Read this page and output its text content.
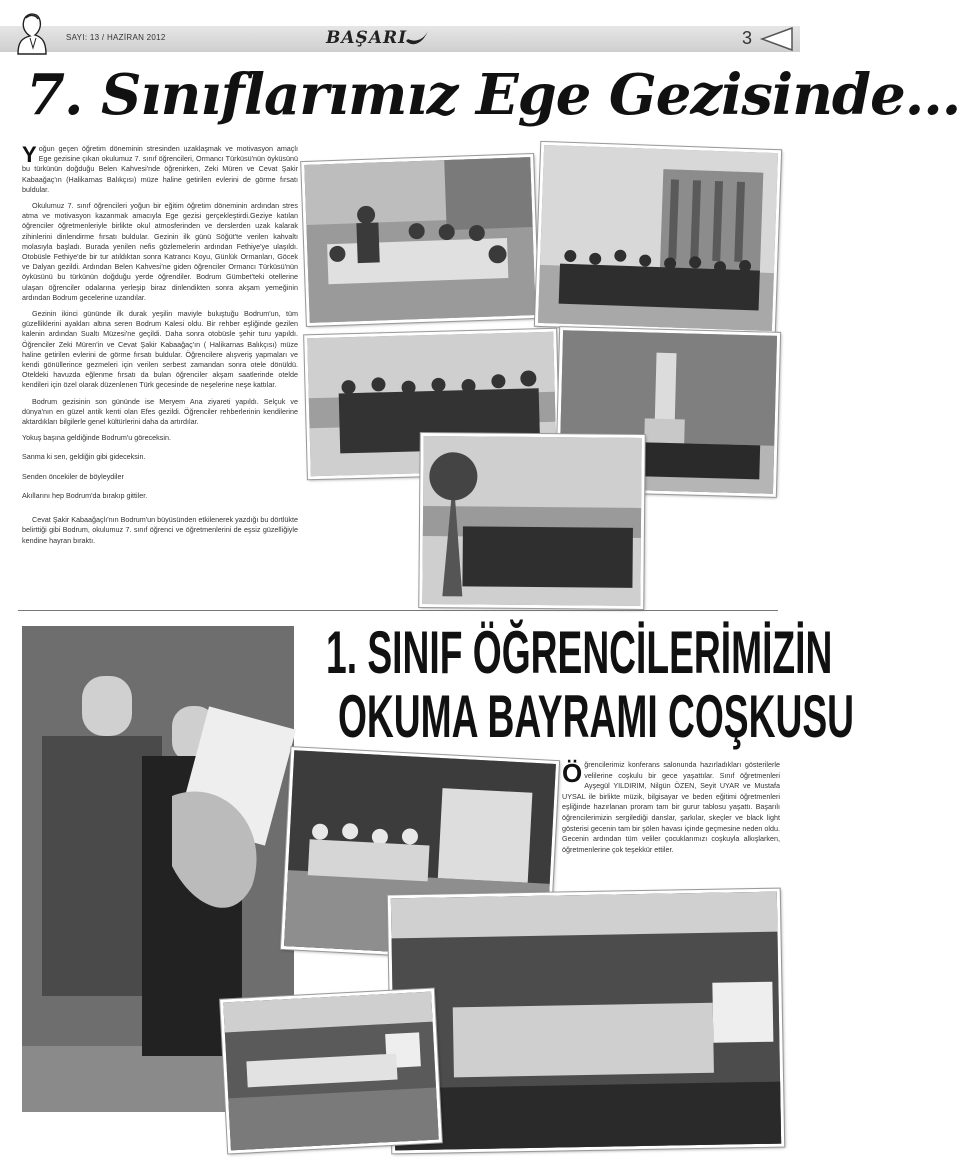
SAYI: 13 / HAZİRAN 2012	BAŞARI	3
7. Sınıflarımız Ege Gezisinde...

Yoğun geçen öğretim döneminin stresinden uzaklaşmak ve motivasyon amaçlı Ege gezisine çıkan okulumuz 7. sınıf öğrencileri, Ormancı Türküsü'nün öyküsünü bu türkünün doğduğu Belen Kahvesi'nde öğrenirken, Zeki Müren ve Cevat Şakir Kabaağaç'ın (Halikarnas Balıkçısı) müze haline getirilen evlerini de görme fırsatı buldular.

Okulumuz 7. sınıf öğrencileri yoğun bir eğitim öğretim döneminin ardından stres atma ve motivasyon kazanmak amacıyla Ege gezisi gerçekleştirdi.Geziye katılan öğrenciler öğretmenleriyle birlikte okul atmosferinden ve derslerden uzak kalarak zihinlerini dinlendirme fırsatı buldular. Gezinin ilk günü Söğüt'te verilen kahvaltı molasıyla başladı. Burada yenilen nefis gözlemelerin ardından Fethiye'ye ulaşıldı. Otobüsle Fethiye'de bir tur atıldıktan sonra Katrancı Koyu, Günlük Ormanları, Göcek ve Dalyan gezildi. Ardından Belen Kahvesi'ne giden öğrenciler Ormancı Türküsü'nün öyküsünü bu türkünün doğduğu yerde öğrendiler. Bodrum Gümbet'teki otellerine ulaşan öğrenciler odalarına yerleşip biraz dinlendikten sonra akşam yemeğinin ardından Bodrum gecelerine uzandılar.

Gezinin ikinci gününde ilk durak yeşilin maviyle buluştuğu Bodrum'un, tüm güzelliklerini ayakları altına seren Bodrum Kalesi oldu. Bir rehber eşliğinde gezilen kalenin ardından Sualtı Müzesi'ne geçildi. Daha sonra otobüsle şehir turu yapıldı. Öğrenciler Zeki Müren'in ve Cevat Şakir Kabaağaç'ın ( Halikarnas Balıkçısı) müze haline getirilen evlerini de görme fırsatı buldular. Öğrencilere alışveriş yapmaları ve kendi gönüllerince gezmeleri için verilen serbest zamandan sonra otele dönüldü. Oteldeki havuzda eğlenme fırsatı da bulan öğrenciler akşam saatlerinde otelde kendileri için özel olarak düzenlenen Türk gecesinde de neşelerine neşe kattılar.

Bodrum gezisinin son gününde ise Meryem Ana ziyareti yapıldı. Selçuk ve dünya'nın en güzel antik kenti olan Efes gezildi. Öğrenciler rehberlerinin kendilerine aktardıkları bilgilerle genel kültürlerini daha da artırdılar.

Yokuş başına geldiğinde Bodrum'u göreceksin.

Sanma ki sen, geldiğin gibi gideceksin.

Senden öncekiler de böyleydiler

Akıllarını hep Bodrum'da bırakıp gittiler.

Cevat Şakir Kabaağaçlı'nın Bodrum'un büyüsünden etkilenerek yazdığı bu dörtlükte belirttiği gibi Bodrum, okulumuz 7. sınıf öğrenci ve öğretmenlerini de eşsiz güzelliğiyle kendine hayran bıraktı.

1. SINIF ÖĞRENCİLERİMİZİN
OKUMA BAYRAMI COŞKUSU
Öğrencilerimiz konferans salonunda hazırladıkları gösterilerle velilerine coşkulu bir gece yaşattılar. Sınıf öğretmenleri Ayşegül YILDIRIM, Nilgün ÖZEN, Seyit UYAR ve Mustafa UYSAL ile birlikte müzik, bilgisayar ve beden eğitimi öğretmenleri eşliğinde hazırlanan proram tam bir gurur tablosu yaşattı. Başarılı öğrencilerimizin sergilediği danslar, şarkılar, skeçler ve black light gösterisi gecenin tam bir şölen havası içinde geçmesine neden oldu. Gecenin ardından tüm veliler çocuklarımızı coşkuyla alkışlarken, öğretmenlerine çok teşekkür ettiler.
